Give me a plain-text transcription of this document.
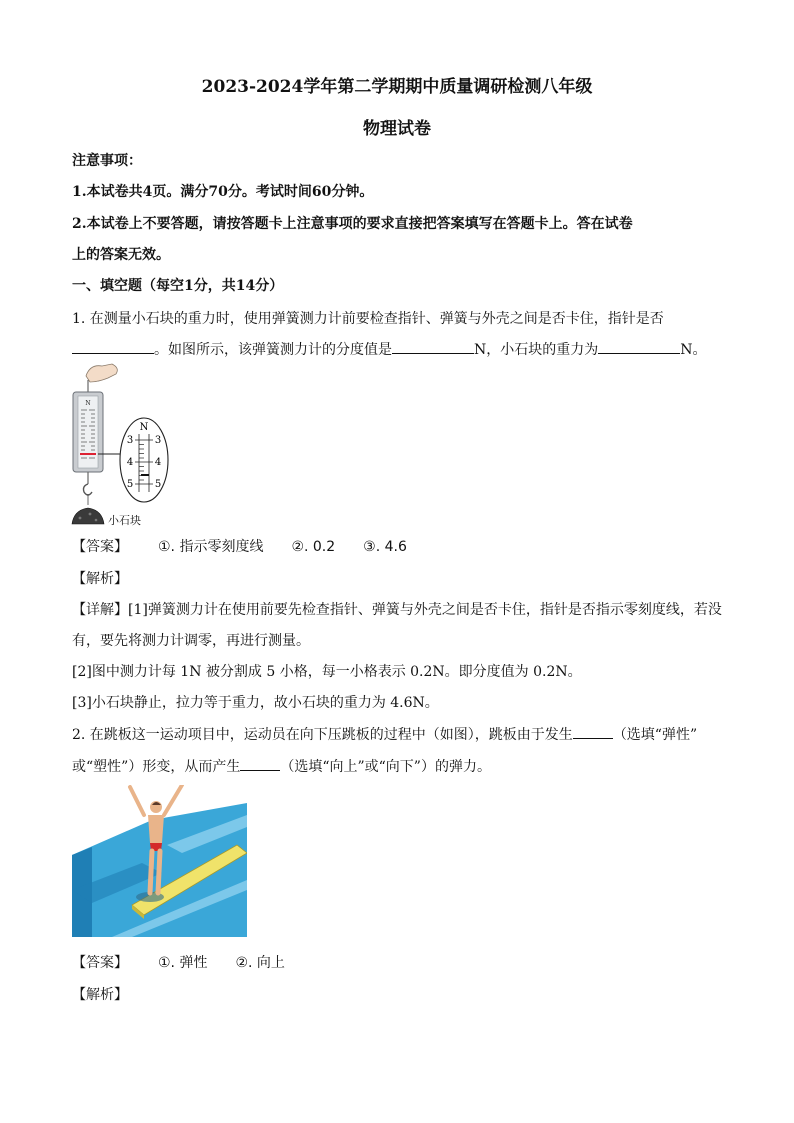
2023-2024学年第二学期期中质量调研检测八年级
物理试卷
注意事项：
1.本试卷共4页。满分70分。考试时间60分钟。
2.本试卷上不要答题，请按答题卡上注意事项的要求直接把答案填写在答题卡上。答在试卷
上的答案无效。
一、填空题（每空1分，共14分）
1. 在测量小石块的重力时，使用弹簧测力计前要检查指针、弹簧与外壳之间是否卡住，指针是否
。如图所示，该弹簧测力计的分度值是	N，小石块的重力为	N。
N
小石块
N
3
4
5
3
4
5
【答案】 ①. 指示零刻度线 ②. 0.2 ③. 4.6
【解析】
【详解】[1]弹簧测力计在使用前要先检查指针、弹簧与外壳之间是否卡住，指针是否指示零刻度线，若没
有，要先将测力计调零，再进行测量。
[2]图中测力计每 1N 被分割成 5 小格，每一小格表示 0.2N。即分度值为 0.2N。
[3]小石块静止，拉力等于重力，故小石块的重力为 4.6N。
2. 在跳板这一运动项目中，运动员在向下压跳板的过程中（如图），跳板由于发生	（选填“弹性”
或“塑性”）形变，从而产生	（选填“向上”或“向下”）的弹力。
【答案】 ①. 弹性 ②. 向上
【解析】
